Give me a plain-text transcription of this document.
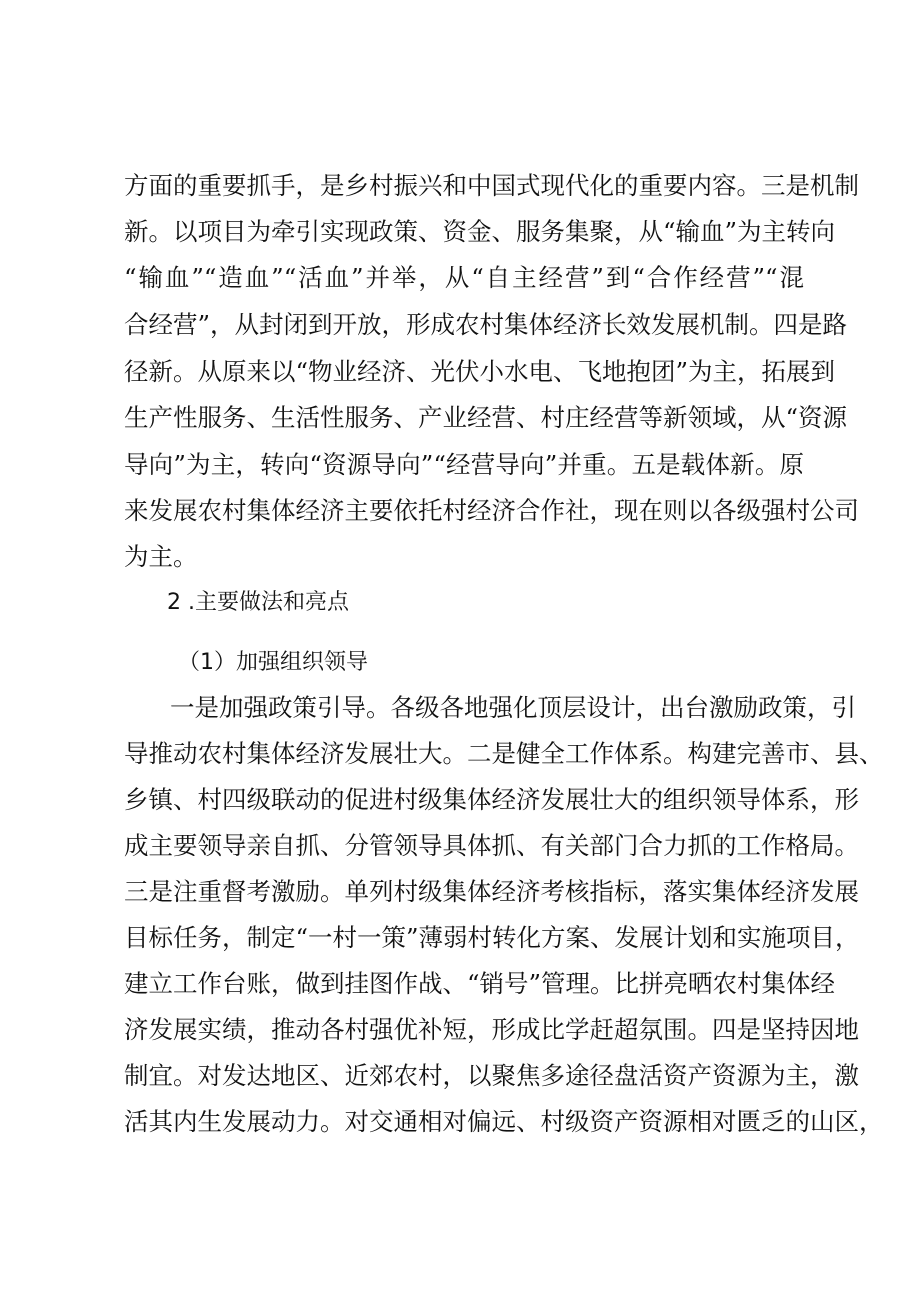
方面的重要抓手，是乡村振兴和中国式现代化的重要内容。三是机制
新。以项目为牵引实现政策、资金、服务集聚，从“输血”为主转向
“输血”“造血”“活血”并举，从“自主经营”到“合作经营”“混
合经营”，从封闭到开放，形成农村集体经济长效发展机制。四是路
径新。从原来以“物业经济、光伏小水电、飞地抱团”为主，拓展到
生产性服务、生活性服务、产业经营、村庄经营等新领域，从“资源
导向”为主，转向“资源导向”“经营导向”并重。五是载体新。原
来发展农村集体经济主要依托村经济合作社，现在则以各级强村公司
为主。
2 .主要做法和亮点
（1）加强组织领导
一是加强政策引导。各级各地强化顶层设计，出台激励政策，引
导推动农村集体经济发展壮大。二是健全工作体系。构建完善市、县、
乡镇、村四级联动的促进村级集体经济发展壮大的组织领导体系，形
成主要领导亲自抓、分管领导具体抓、有关部门合力抓的工作格局。
三是注重督考激励。单列村级集体经济考核指标，落实集体经济发展
目标任务，制定“一村一策”薄弱村转化方案、发展计划和实施项目，
建立工作台账，做到挂图作战、“销号”管理。比拼亮晒农村集体经
济发展实绩，推动各村强优补短，形成比学赶超氛围。四是坚持因地
制宜。对发达地区、近郊农村，以聚焦多途径盘活资产资源为主，激
活其内生发展动力。对交通相对偏远、村级资产资源相对匮乏的山区，
